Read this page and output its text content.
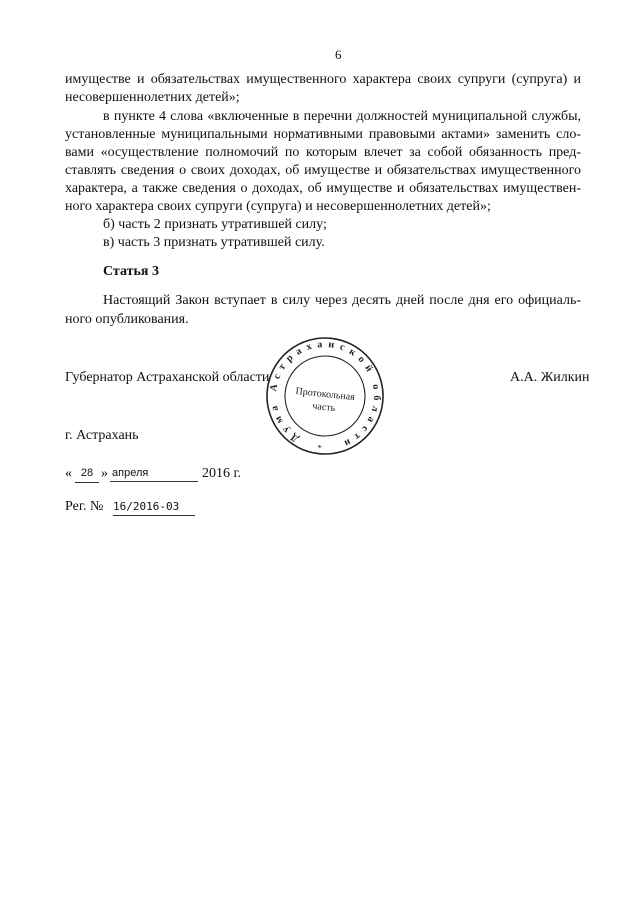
6
имуществе и обязательствах имущественного характера своих супруги (супруга) и
несовершеннолетних детей»;
в пункте 4 слова «включенные в перечни должностей муниципальной службы,
установленные муниципальными нормативными правовыми актами» заменить сло-
вами «осуществление полномочий по которым влечет за собой обязанность пред-
ставлять сведения о своих доходах, об имуществе и обязательствах имущественного
характера, а также сведения о доходах, об имуществе и обязательствах имуществен-
ного характера своих супруги (супруга) и несовершеннолетних детей»;
б) часть 2 признать утратившей силу;
в) часть 3 признать утратившей силу.
Статья 3
Настоящий Закон вступает в силу через десять дней после дня его официаль-
ного опубликования.
Губернатор Астраханской области	А.А. Жилкин
Дума Астраханской области
Протокольная
часть
*
г. Астрахань
« 28 » апреля	2016 г.
Рег. № 16/2016-03
